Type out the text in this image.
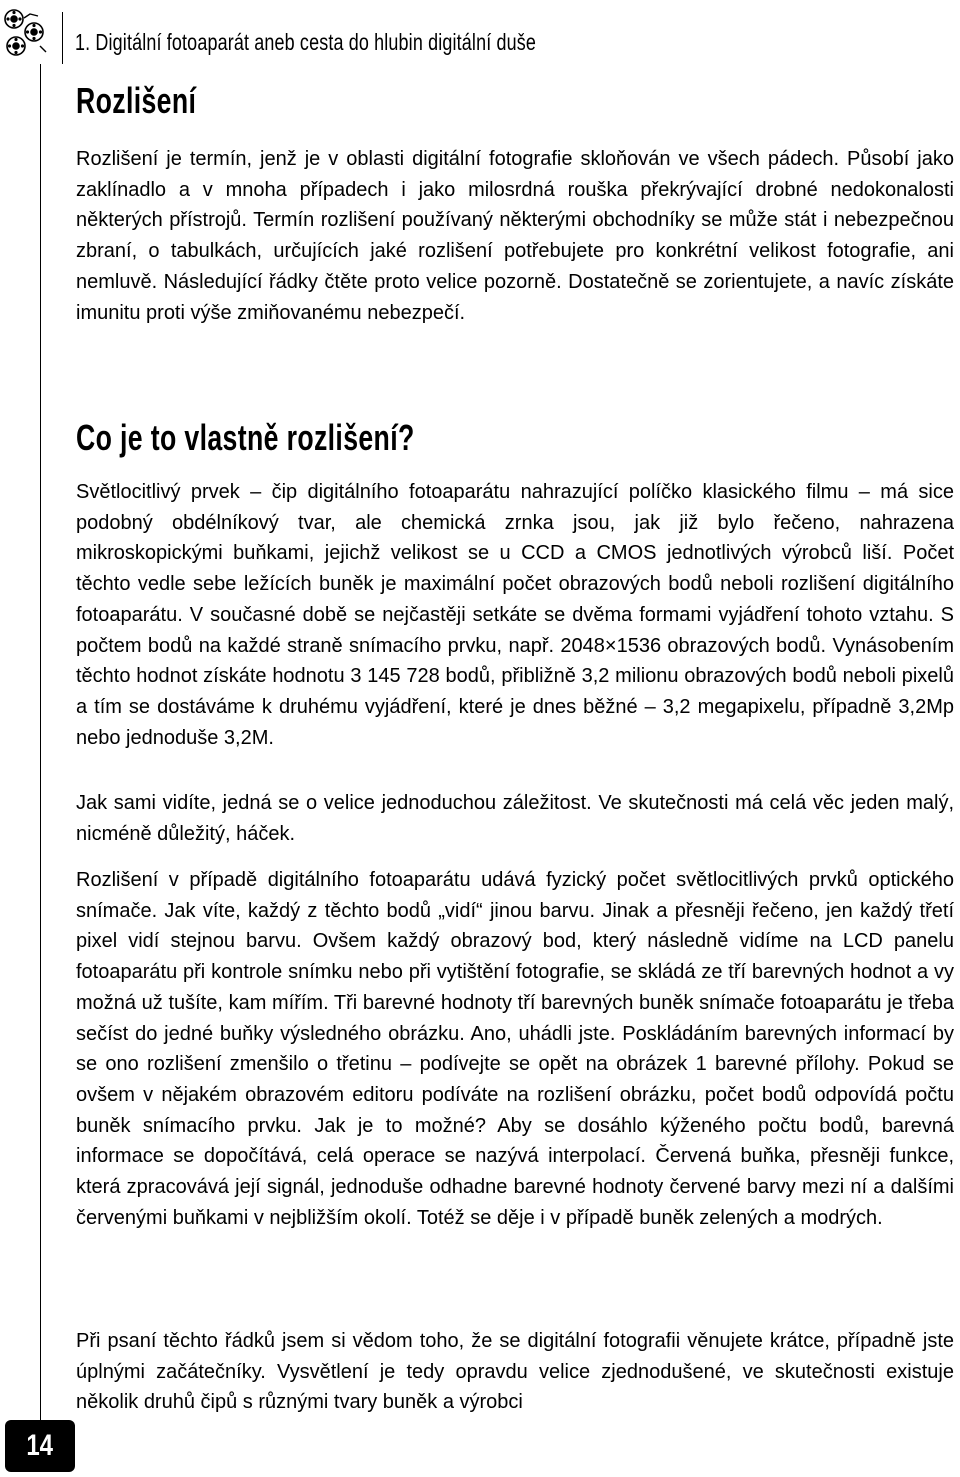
1. Digitální fotoaparát aneb cesta do hlubin digitální duše
Rozlišení

Rozlišení je termín, jenž je v oblasti digitální fotografie skloňován ve všech pádech. Působí jako zaklínadlo a v mnoha případech i jako milosrdná rouška překrývající drobné nedokonalosti některých přístrojů. Termín rozlišení používaný některými obchodníky se může stát i nebezpečnou zbraní, o tabulkách, určujících jaké rozlišení potřebujete pro konkrétní velikost fotografie, ani nemluvě. Následující řádky čtěte proto velice pozorně. Dostatečně se zorientujete, a navíc získáte imunitu proti výše zmiňovanému nebezpečí.

Co je to vlastně rozlišení?

Světlocitlivý prvek – čip digitálního fotoaparátu nahrazující políčko klasického filmu – má sice podobný obdélníkový tvar, ale chemická zrnka jsou, jak již bylo řečeno, nahrazena mikroskopickými buňkami, jejichž velikost se u CCD a CMOS jednotlivých výrobců liší. Počet těchto vedle sebe ležících buněk je maximální počet obrazových bodů neboli rozlišení digitálního fotoaparátu. V současné době se nejčastěji setkáte se dvěma formami vyjádření tohoto vztahu. S počtem bodů na každé straně snímacího prvku, např. 2048×1536 obrazových bodů. Vynásobením těchto hodnot získáte hodnotu 3 145 728 bodů, přibližně 3,2 milionu obrazových bodů neboli pixelů a tím se dostáváme k druhému vyjádření, které je dnes běžné – 3,2 megapixelu, případně 3,2Mp nebo jednoduše 3,2M.

Jak sami vidíte, jedná se o velice jednoduchou záležitost. Ve skutečnosti má celá věc jeden malý, nicméně důležitý, háček.

Rozlišení v případě digitálního fotoaparátu udává fyzický počet světlocitlivých prvků optického snímače. Jak víte, každý z těchto bodů „vidí“ jinou barvu. Jinak a přesněji řečeno, jen každý třetí pixel vidí stejnou barvu. Ovšem každý obrazový bod, který následně vidíme na LCD panelu fotoaparátu při kontrole snímku nebo při vytištění fotografie, se skládá ze tří barevných hodnot a vy možná už tušíte, kam mířím. Tři barevné hodnoty tří barevných buněk snímače fotoaparátu je třeba sečíst do jedné buňky výsledného obrázku. Ano, uhádli jste. Poskládáním barevných informací by se ono rozlišení zmenšilo o třetinu – podívejte se opět na obrázek 1 barevné přílohy. Pokud se ovšem v nějakém obrazovém editoru podíváte na rozlišení obrázku, počet bodů odpovídá počtu buněk snímacího prvku. Jak je to možné? Aby se dosáhlo kýženého počtu bodů, barevná informace se dopočítává, celá operace se nazývá interpolací. Červená buňka, přesněji funkce, která zpracovává její signál, jednoduše odhadne barevné hodnoty červené barvy mezi ní a dalšími červenými buňkami v nejbližším okolí. Totéž se děje i v případě buněk zelených a modrých.

Při psaní těchto řádků jsem si vědom toho, že se digitální fotografii věnujete krátce, případně jste úplnými začátečníky. Vysvětlení je tedy opravdu velice zjednodušené, ve skutečnosti existuje několik druhů čipů s různými tvary buněk a výrobci

14
